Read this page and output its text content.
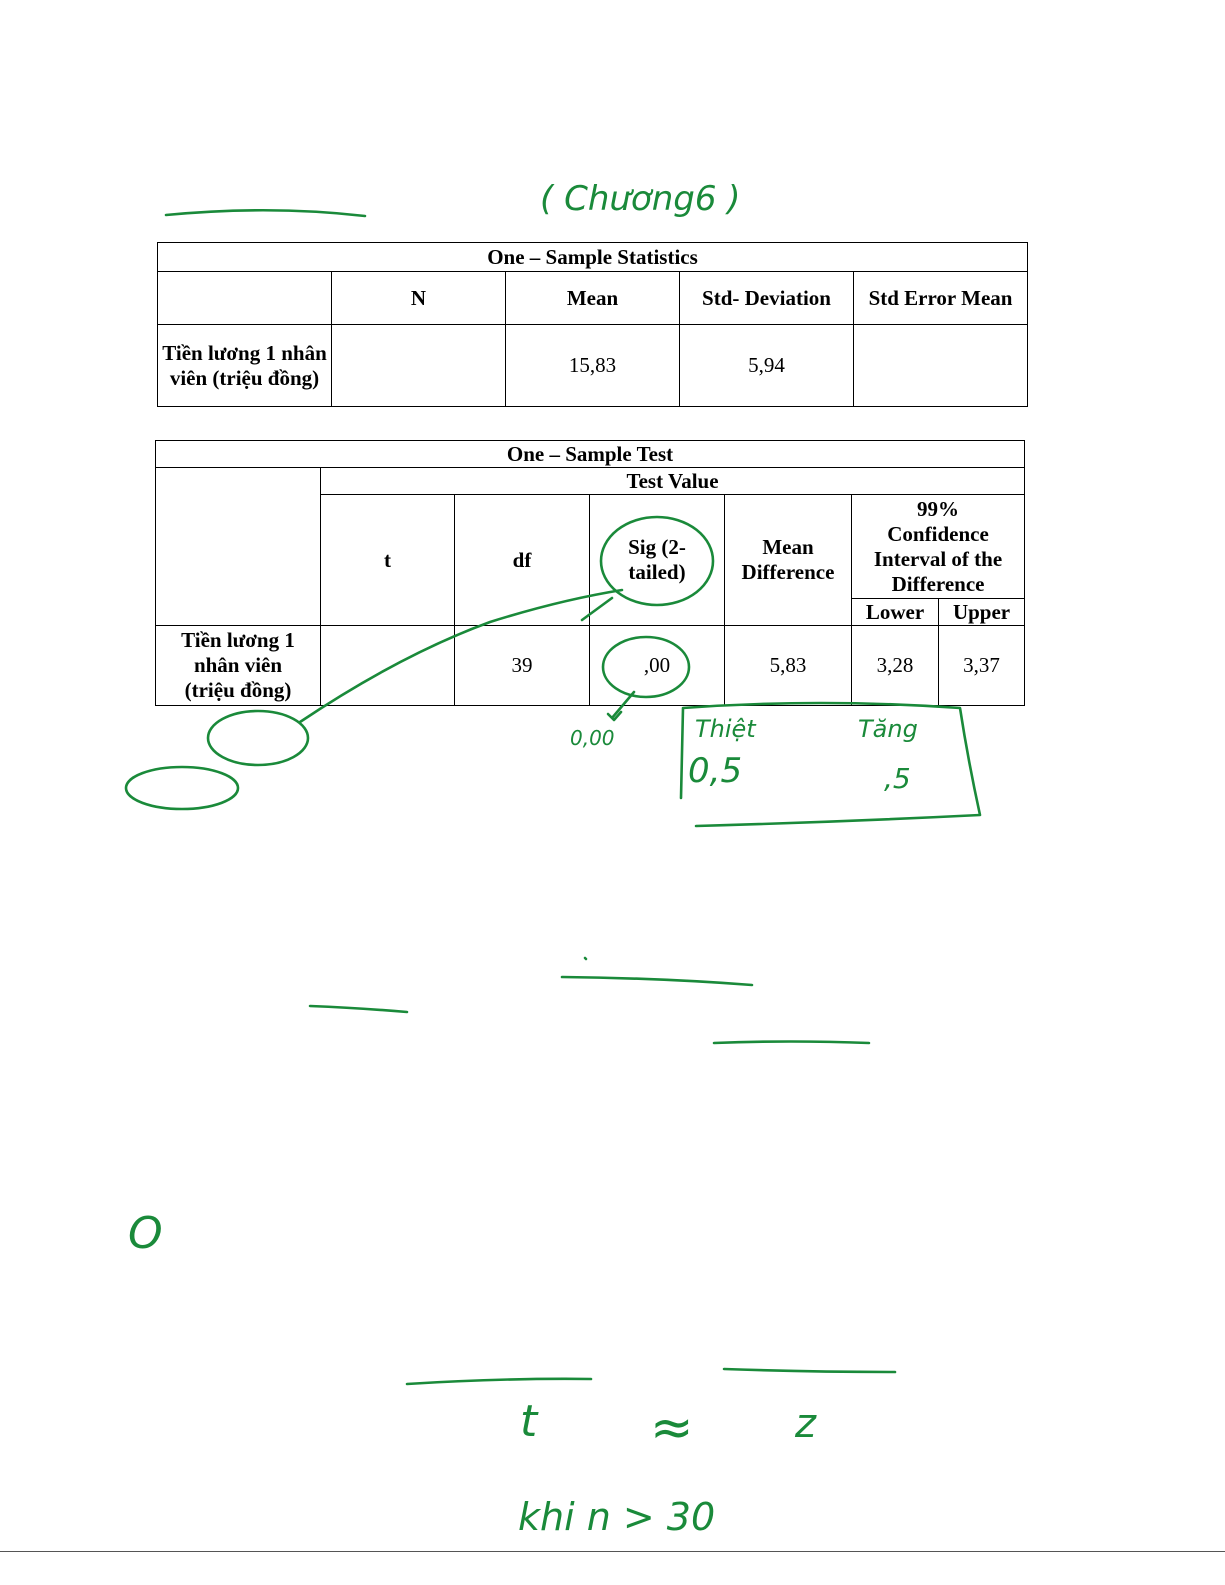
One – Sample Statistics				
	N	Mean	Std- Deviation	Std Error Mean
Tiền lương 1 nhân viên (triệu đồng)		15,83	5,94	
One – Sample Test						
	Test Value					
	t	df	Sig (2-tailed)	Mean Difference	99% Confidence Interval of the Difference	
					Lower	Upper
Tiền lương 1 nhân viên (triệu đồng)		39	,00	5,83	3,28	3,37
( Chương6 )
0,00	Thiệt
0,5
Tăng
,5
O
t ≈	z
khi n > 30
